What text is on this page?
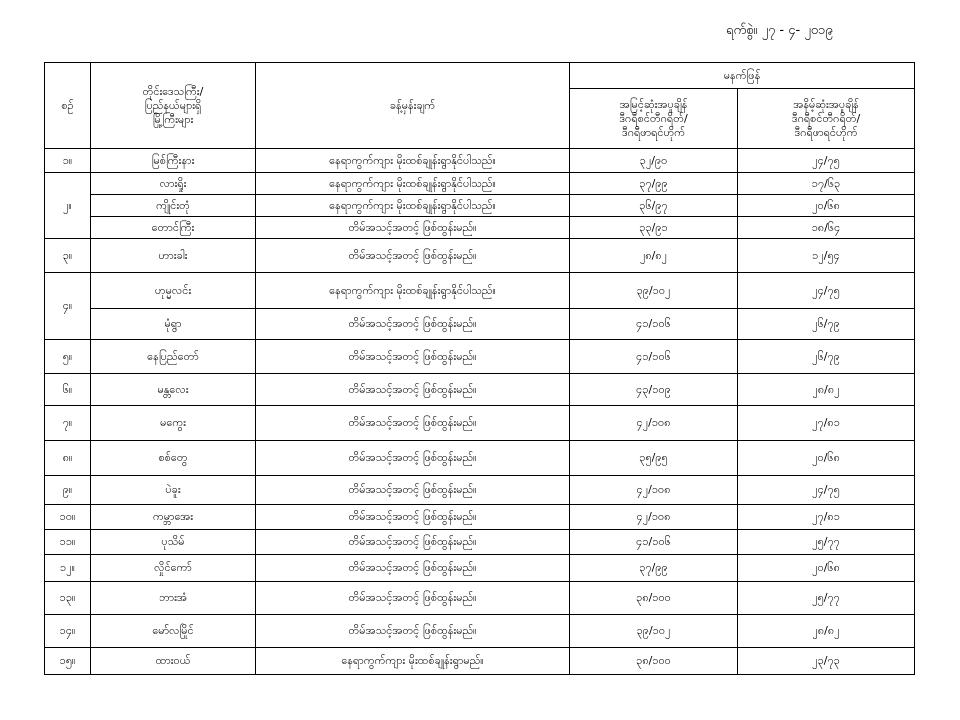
ရက်စွဲ။ ၂၇ - ၄- ၂၀၁၉
စဉ်	တိုင်းဒေသကြီး/
ပြည်နယ်များရှိ
မြို့ကြီးများ	ခန့်မှန်းချက်	မနက်ဖြန်	

			အမြင့်ဆုံးအပူချိန်
ဒီဂရီစင်တီဂရိတ်/
ဒီဂရီဖာရင်ဟိုက်	အနိမ့်ဆုံးအပူချိန်
ဒီဂရီစင်တီဂရိတ်/
ဒီဂရီဖာရင်ဟိုက်

၁။	မြစ်ကြီးနား	နေရာကွက်ကျား မိုးထစ်ချုန်းရွာနိုင်ပါသည်။	၃၂/၉၀	၂၄/၇၅
၂။	လားရှိုး	နေရာကွက်ကျား မိုးထစ်ချုန်းရွာနိုင်ပါသည်။	၃၇/၉၉	၁၇/၆၃
	ကျိုင်းတုံ	နေရာကွက်ကျား မိုးထစ်ချုန်းရွာနိုင်ပါသည်။	၃၆/၉၇	၂၀/၆၈
	တောင်ကြီး	တိမ်အသင့်အတင့် ဖြစ်ထွန်းမည်။	၃၃/၉၁	၁၈/၆၄
၃။	ဟားခါး	တိမ်အသင့်အတင့် ဖြစ်ထွန်းမည်။	၂၈/၈၂	၁၂/၅၄
၄။	ဟုမ္မလင်း	နေရာကွက်ကျား မိုးထစ်ချုန်းရွာနိုင်ပါသည်။	၃၉/၁၀၂	၂၄/၇၅
	မုံရွာ	တိမ်အသင့်အတင့် ဖြစ်ထွန်းမည်။	၄၁/၁၀၆	၂၆/၇၉
၅။	နေပြည်တော်	တိမ်အသင့်အတင့် ဖြစ်ထွန်းမည်။	၄၁/၁၀၆	၂၆/၇၉
၆။	မန္တလေး	တိမ်အသင့်အတင့် ဖြစ်ထွန်းမည်။	၄၃/၁၀၉	၂၈/၈၂
၇။	မကွေး	တိမ်အသင့်အတင့် ဖြစ်ထွန်းမည်။	၄၂/၁၀၈	၂၇/၈၁
၈။	စစ်တွေ	တိမ်အသင့်အတင့် ဖြစ်ထွန်းမည်။	၃၅/၉၅	၂၀/၆၈
၉။	ပဲခူး	တိမ်အသင့်အတင့် ဖြစ်ထွန်းမည်။	၄၂/၁၀၈	၂၄/၇၅
၁၀။	ကမ္ဘာအေး	တိမ်အသင့်အတင့် ဖြစ်ထွန်းမည်။	၄၂/၁၀၈	၂၇/၈၁
၁၁။	ပုသိမ်	တိမ်အသင့်အတင့် ဖြစ်ထွန်းမည်။	၄၁/၁၀၆	၂၅/၇၇
၁၂။	လှိုင်ကော်	တိမ်အသင့်အတင့် ဖြစ်ထွန်းမည်။	၃၇/၉၉	၂၀/၆၈
၁၃။	ဘားအံ	တိမ်အသင့်အတင့် ဖြစ်ထွန်းမည်။	၃၈/၁၀၀	၂၅/၇၇
၁၄။	မော်လမြိုင်	တိမ်အသင့်အတင့် ဖြစ်ထွန်းမည်။	၃၉/၁၀၂	၂၈/၈၂
၁၅။	ထားဝယ်	နေရာကွက်ကျား မိုးထစ်ချုန်းရွာမည်။	၃၈/၁၀၀	၂၃/၇၃
